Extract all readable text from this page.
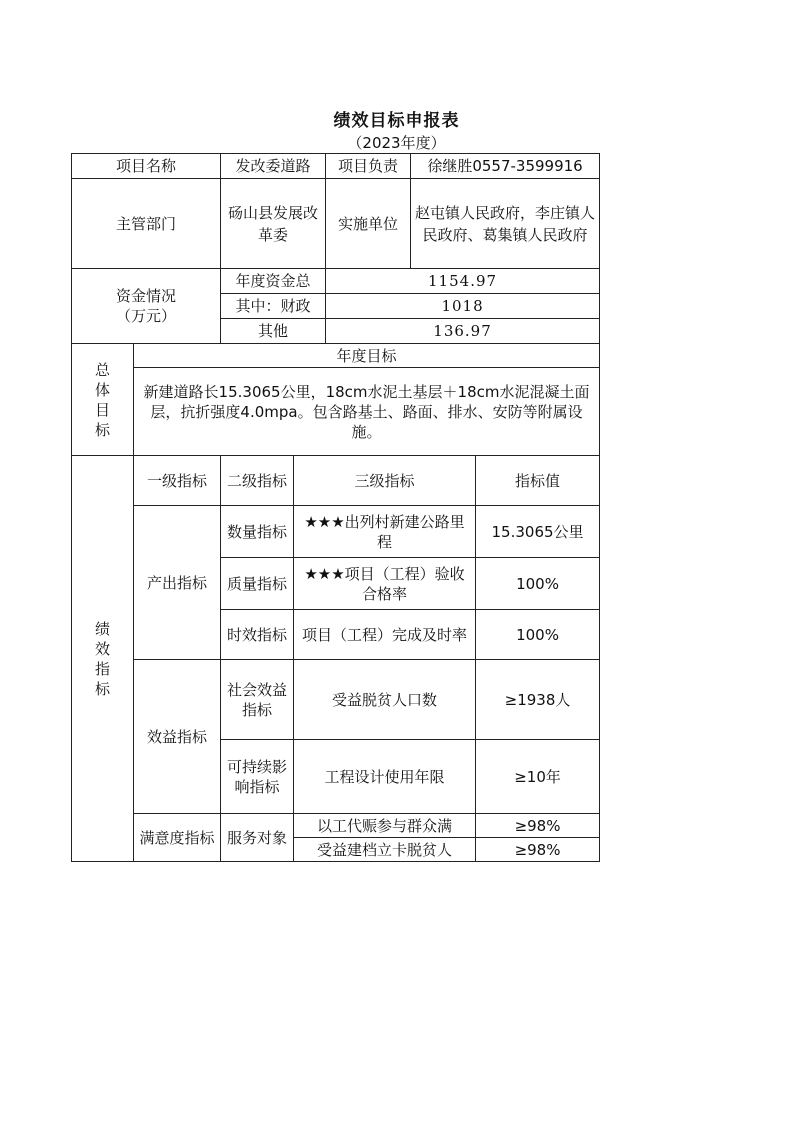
绩效目标申报表
（2023年度）
项目名称		发改委道路		项目负责	徐继胜0557-3599916	
主管部门		砀山县发展改革委		实施单位	赵屯镇人民政府，李庄镇人民政府、葛集镇人民政府	
资金情况
（万元）		年度资金总		1154.97		
		其中：财政		1018		
		其他		136.97		

总
体
目
标	年度目标					
	新建道路长15.3065公里，18cm水泥土基层＋18cm水泥混凝土面层，抗折强度4.0mpa。包含路基土、路面、排水、安防等附属设施。					

绩
效
指
标	一级指标	二级指标	三级指标			指标值
	产出指标	数量指标	★★★出列村新建公路里程			15.3065公里
		质量指标	★★★项目（工程）验收合格率			100%
		时效指标	项目（工程）完成及时率			100%
	效益指标	社会效益指标	受益脱贫人口数			≥1938人
		可持续影响指标	工程设计使用年限			≥10年
	满意度指标	服务对象	以工代赈参与群众满			≥98%
			受益建档立卡脱贫人			≥98%
